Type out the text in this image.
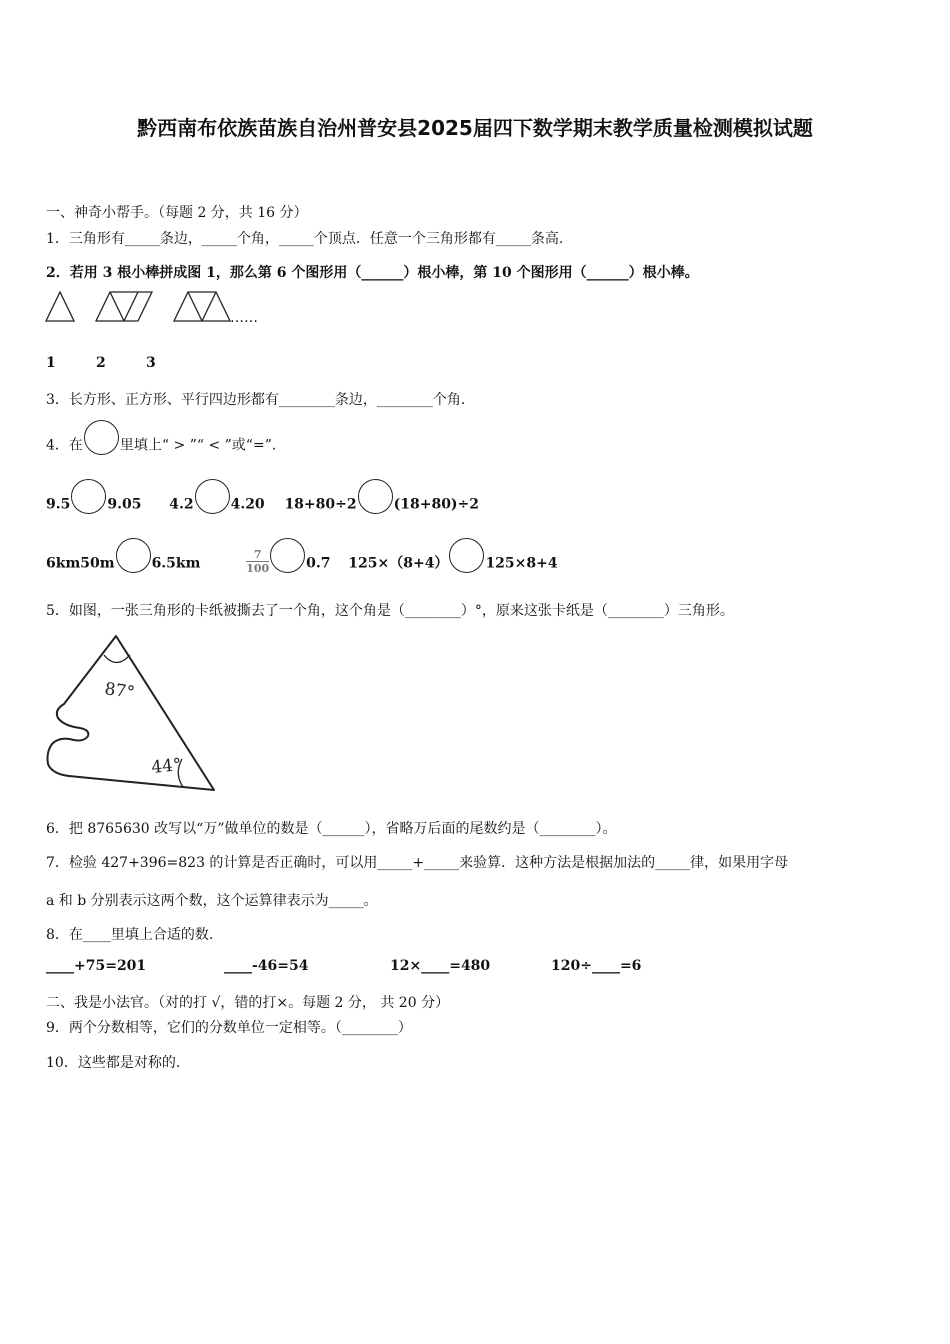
黔西南布依族苗族自治州普安县2025届四下数学期末教学质量检测模拟试题
一、神奇小帮手。（每题 2 分，共 16 分）
1．三角形有_____条边，_____个角，_____个顶点．任意一个三角形都有_____条高.
2．若用 3 根小棒拼成图 1，那么第 6 个图形用（______）根小棒，第 10 个图形用（______）根小棒。
……
1	2	3
3．长方形、正方形、平行四边形都有________条边，________个角.
4．在	里填上“ > ”“ < ”或“=”.
9.5	9.05 4.2	4.20 18+80÷2	(18+80)÷2
6km50m	6.5km	$\frac{7}{100}$	0.7 125×（8+4）	125×8+4
5．如图，一张三角形的卡纸被撕去了一个角，这个角是（________）°，原来这张卡纸是（________）三角形。
87°
44°
6．把 8765630 改写以“万”做单位的数是（______），省略万后面的尾数约是（________）。
7．检验 427+396=823 的计算是否正确时，可以用_____+_____来验算．这种方法是根据加法的_____律，如果用字母
a 和 b 分别表示这两个数，这个运算律表示为_____。
8．在____里填上合适的数.
____+75=201	____-46=54	12×____=480	120÷____=6
二、我是小法官。（对的打 √，错的打×。每题 2 分， 共 20 分）
9．两个分数相等，它们的分数单位一定相等。（________）
10．这些都是对称的.
